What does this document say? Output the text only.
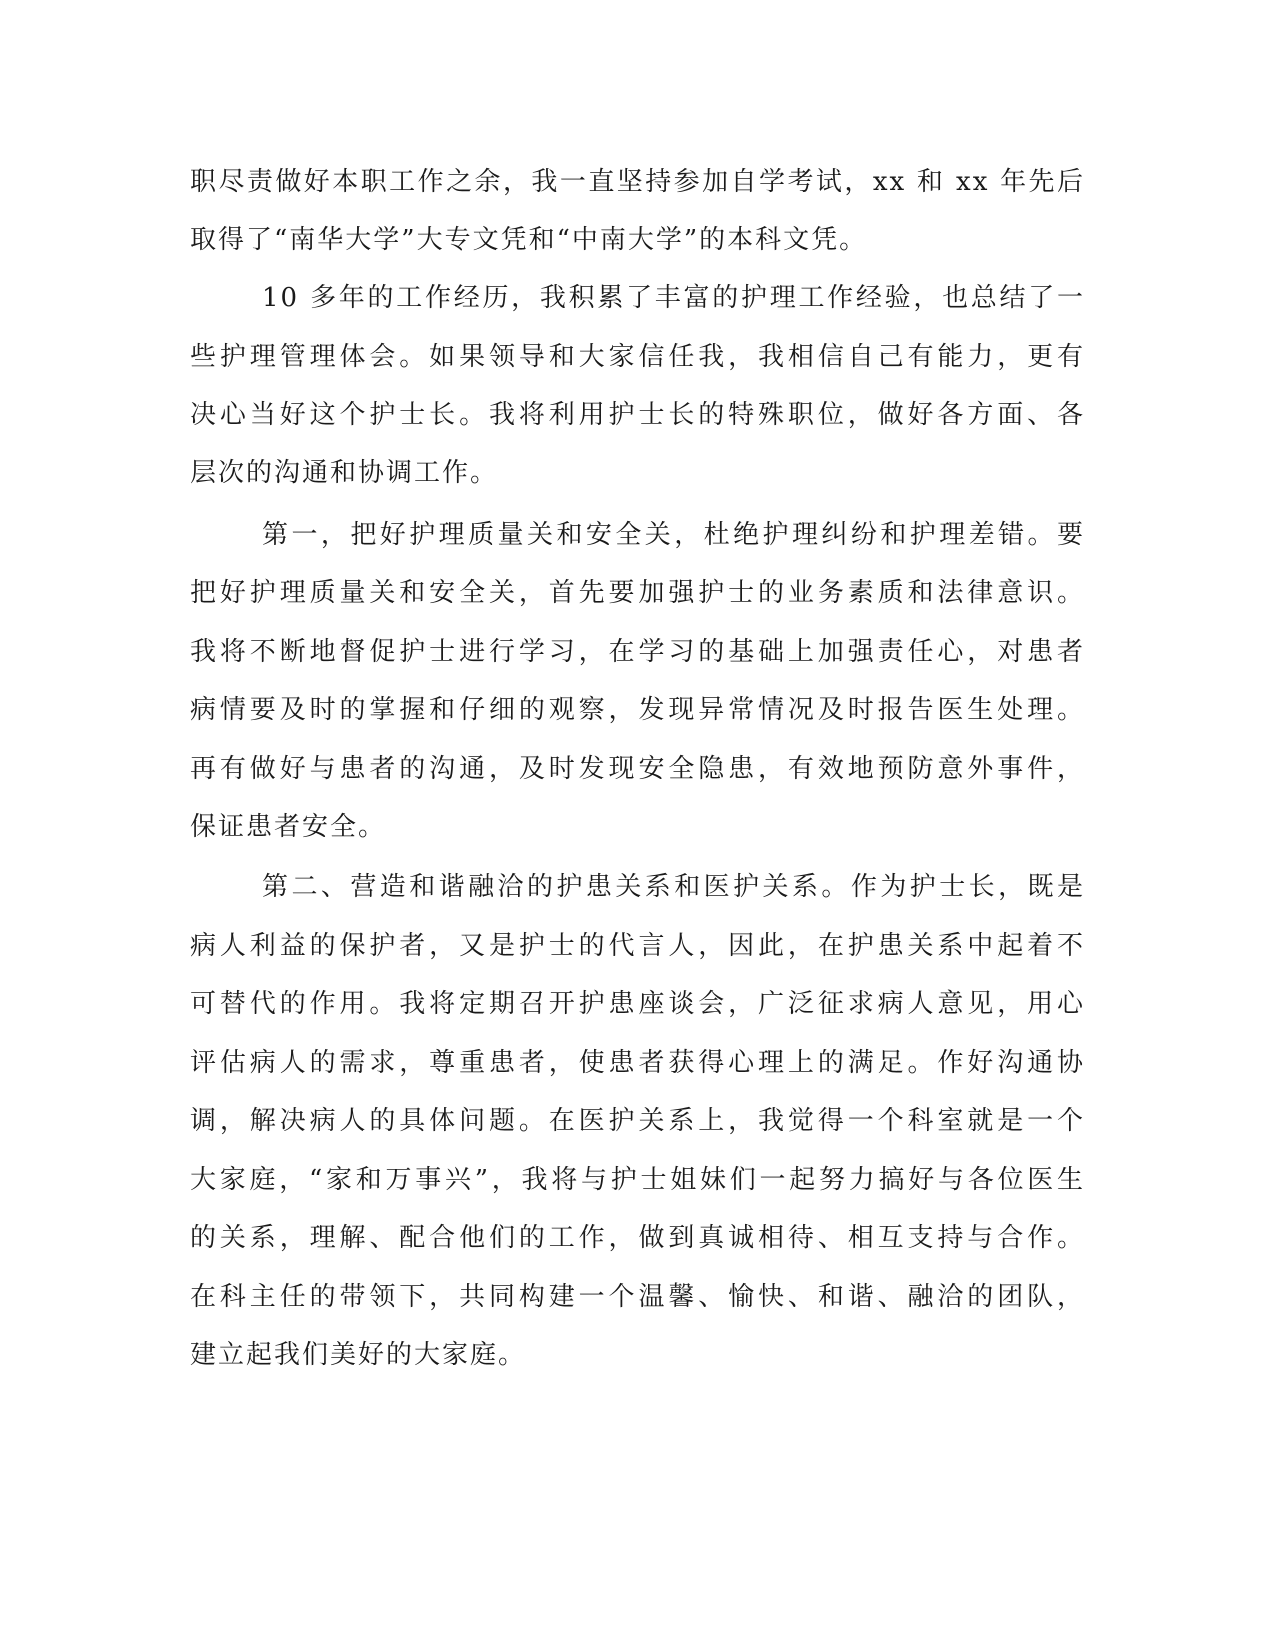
职尽责做好本职工作之余，我一直坚持参加自学考试，xx 和 xx 年先后
取得了“南华大学”大专文凭和“中南大学”的本科文凭。
10 多年的工作经历，我积累了丰富的护理工作经验，也总结了一
些护理管理体会。如果领导和大家信任我，我相信自己有能力，更有
决心当好这个护士长。我将利用护士长的特殊职位，做好各方面、各
层次的沟通和协调工作。
第一，把好护理质量关和安全关，杜绝护理纠纷和护理差错。要
把好护理质量关和安全关，首先要加强护士的业务素质和法律意识。
我将不断地督促护士进行学习，在学习的基础上加强责任心，对患者
病情要及时的掌握和仔细的观察，发现异常情况及时报告医生处理。
再有做好与患者的沟通，及时发现安全隐患，有效地预防意外事件，
保证患者安全。
第二、营造和谐融洽的护患关系和医护关系。作为护士长，既是
病人利益的保护者，又是护士的代言人，因此，在护患关系中起着不
可替代的作用。我将定期召开护患座谈会，广泛征求病人意见，用心
评估病人的需求，尊重患者，使患者获得心理上的满足。作好沟通协
调，解决病人的具体问题。在医护关系上，我觉得一个科室就是一个
大家庭，“家和万事兴”，我将与护士姐妹们一起努力搞好与各位医生
的关系，理解、配合他们的工作，做到真诚相待、相互支持与合作。
在科主任的带领下，共同构建一个温馨、愉快、和谐、融洽的团队，
建立起我们美好的大家庭。
